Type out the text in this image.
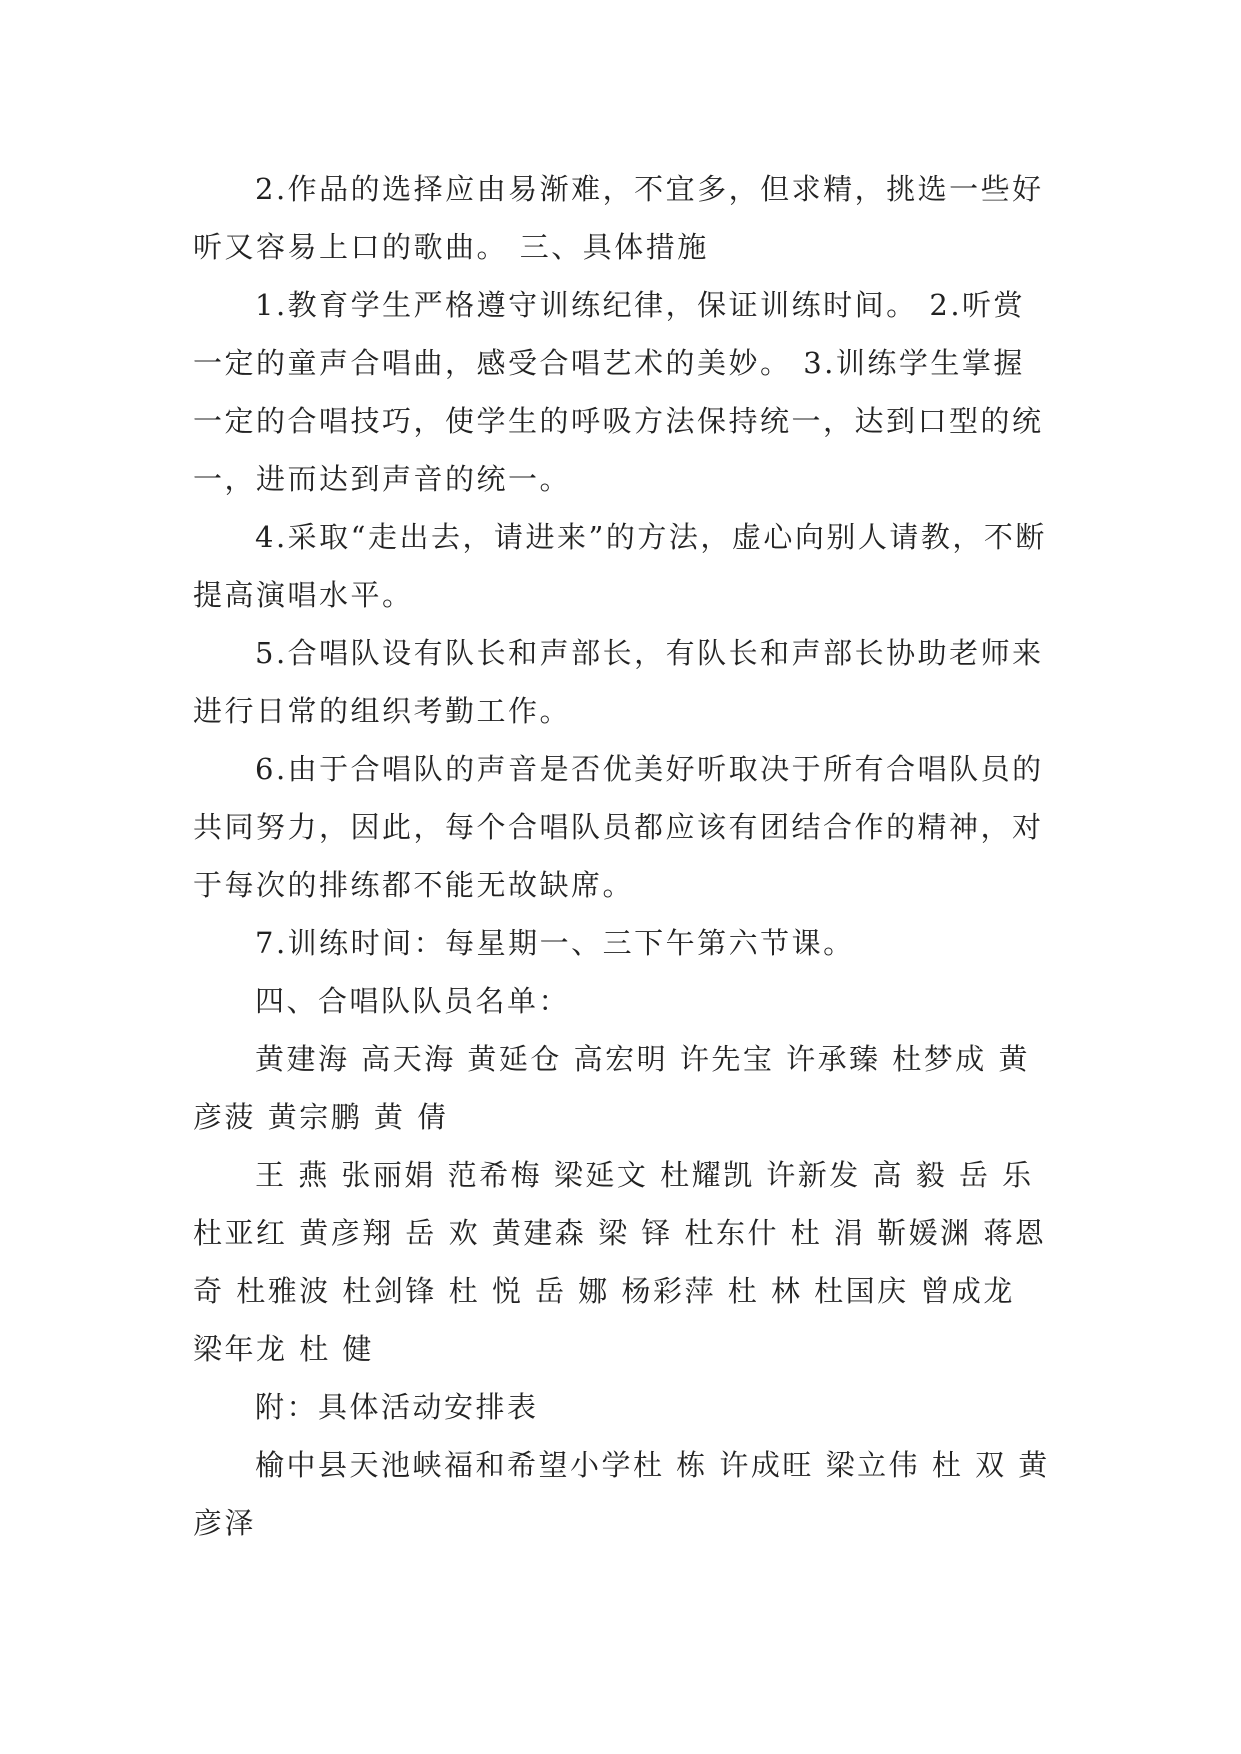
2.作品的选择应由易渐难，不宜多，但求精，挑选一些好听又容易上口的歌曲。 三、具体措施

1.教育学生严格遵守训练纪律，保证训练时间。 2.听赏一定的童声合唱曲，感受合唱艺术的美妙。 3.训练学生掌握一定的合唱技巧，使学生的呼吸方法保持统一，达到口型的统一，进而达到声音的统一。

4.采取“走出去，请进来”的方法，虚心向别人请教，不断提高演唱水平。

5.合唱队设有队长和声部长，有队长和声部长协助老师来进行日常的组织考勤工作。

6.由于合唱队的声音是否优美好听取决于所有合唱队员的共同努力，因此，每个合唱队员都应该有团结合作的精神，对于每次的排练都不能无故缺席。

7.训练时间：每星期一、三下午第六节课。

四、合唱队队员名单：

黄建海 高天海 黄延仓 高宏明 许先宝 许承臻 杜梦成 黄彦菠 黄宗鹏 黄 倩

王 燕 张丽娟 范希梅 梁延文 杜耀凯 许新发 高 毅 岳 乐 杜亚红 黄彦翔 岳 欢 黄建森 梁 铎 杜东什 杜 涓 靳媛渊 蒋恩奇 杜雅波 杜剑锋 杜 悦 岳 娜 杨彩萍 杜 林 杜国庆 曾成龙 梁年龙 杜 健

附：具体活动安排表

榆中县天池峡福和希望小学杜 栋 许成旺 梁立伟 杜 双 黄彦泽
